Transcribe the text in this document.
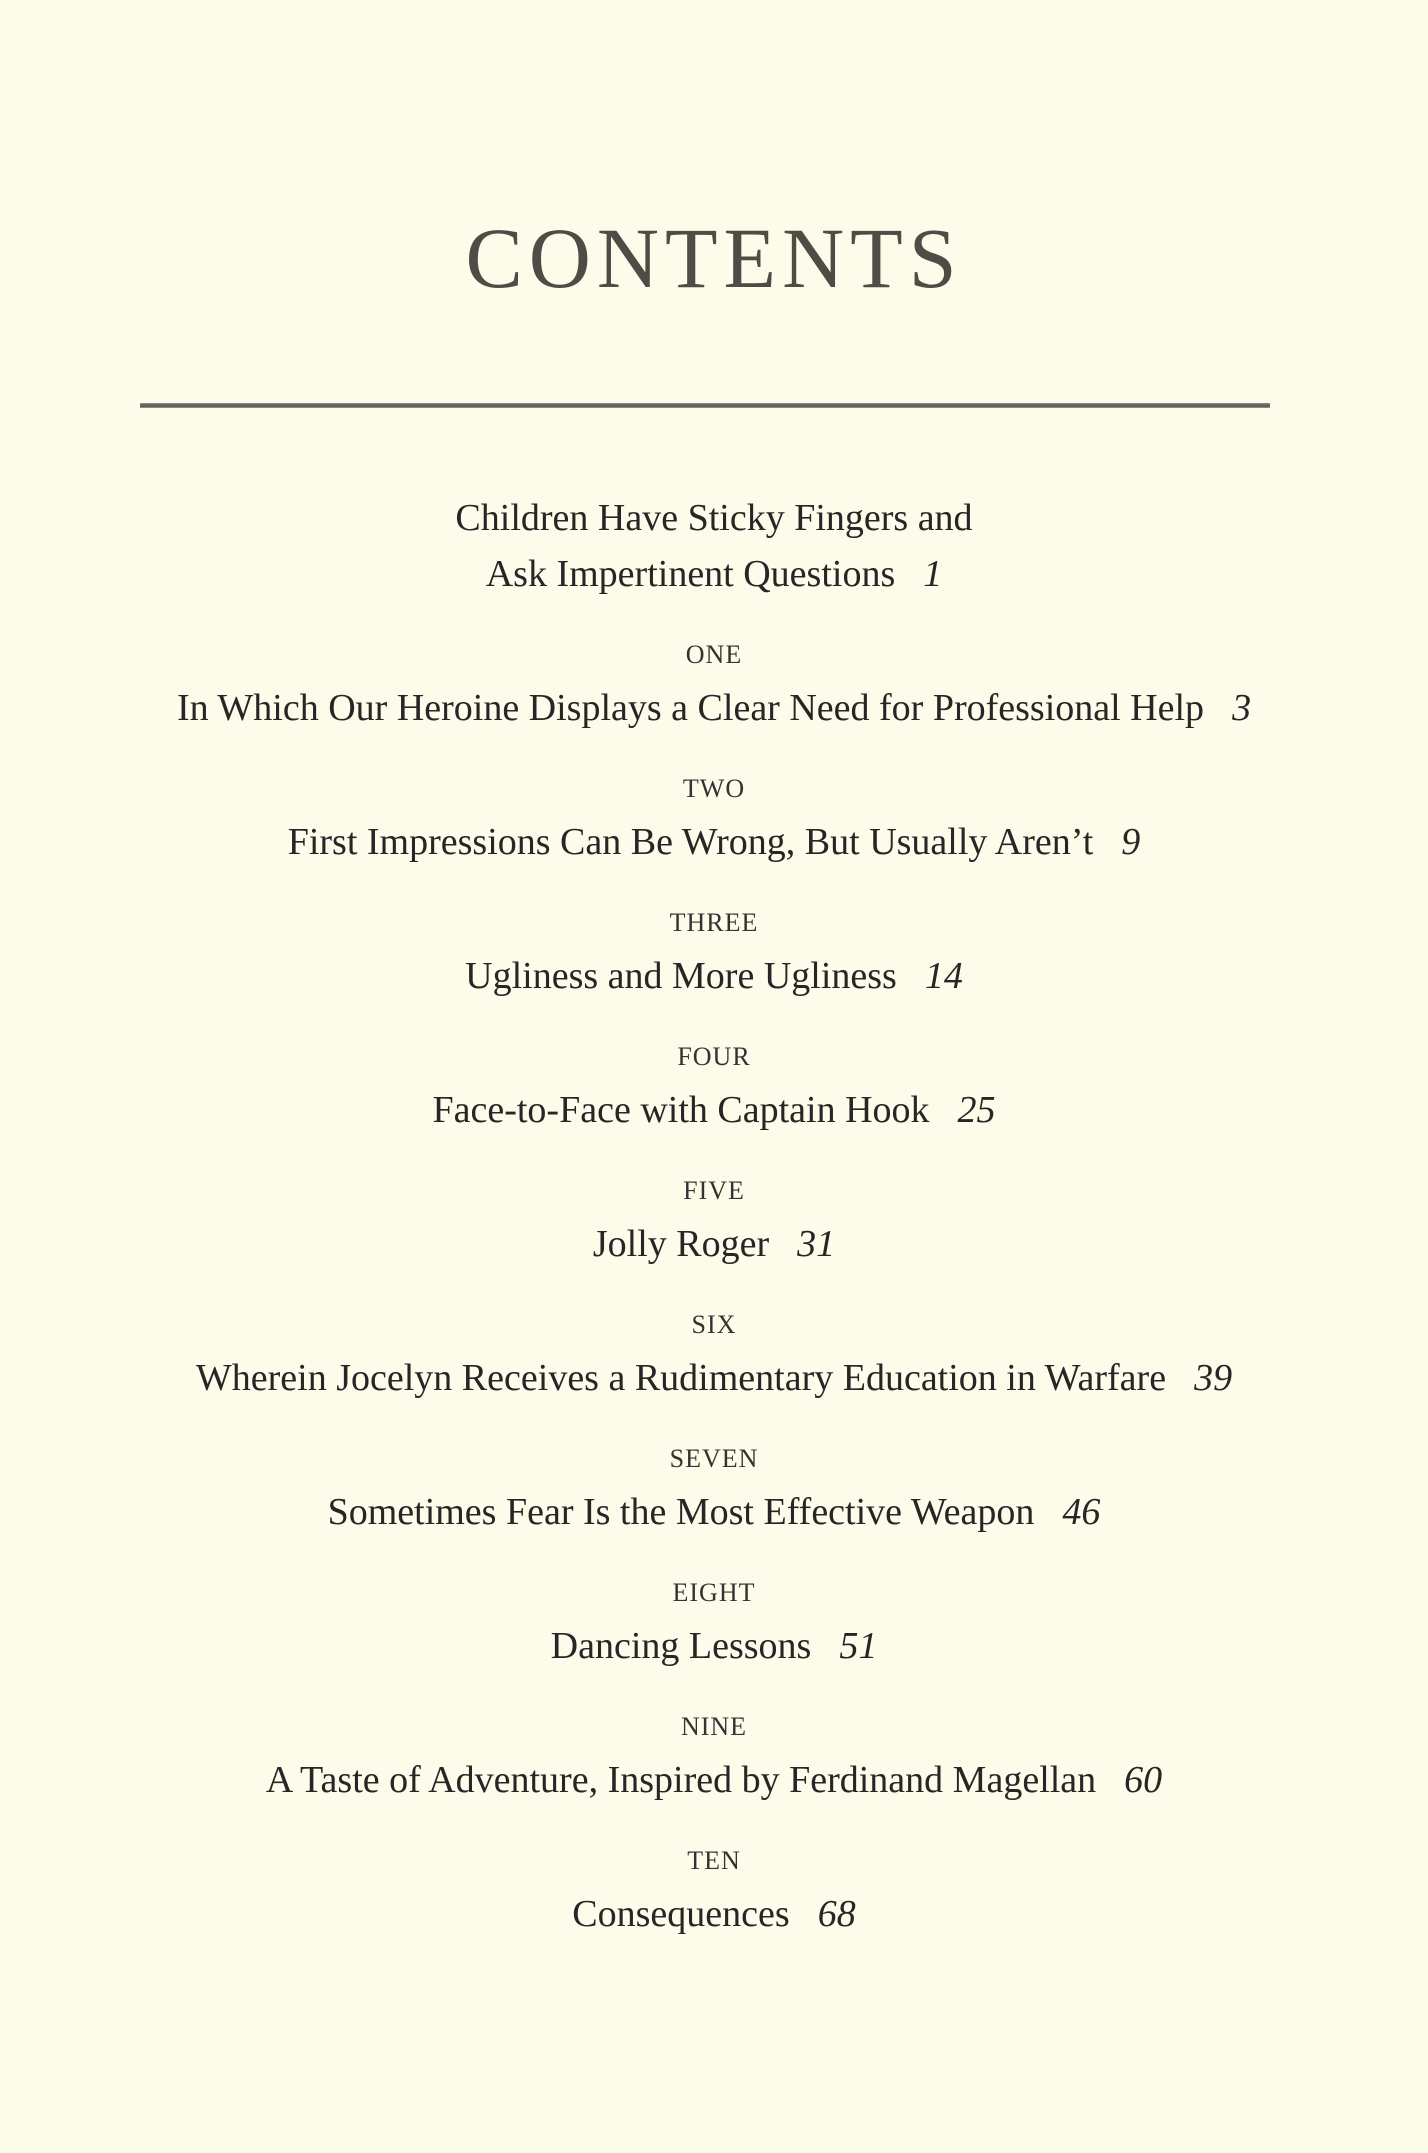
CONTENTS
Children Have Sticky Fingers and
Ask Impertinent Questions 1
ONE
In Which Our Heroine Displays a Clear Need for Professional Help 3
TWO
First Impressions Can Be Wrong, But Usually Aren’t 9
THREE
Ugliness and More Ugliness 14
FOUR
Face-to-Face with Captain Hook 25
FIVE
Jolly Roger 31
SIX
Wherein Jocelyn Receives a Rudimentary Education in Warfare 39
SEVEN
Sometimes Fear Is the Most Effective Weapon 46
EIGHT
Dancing Lessons 51
NINE
A Taste of Adventure, Inspired by Ferdinand Magellan 60
TEN
Consequences 68
